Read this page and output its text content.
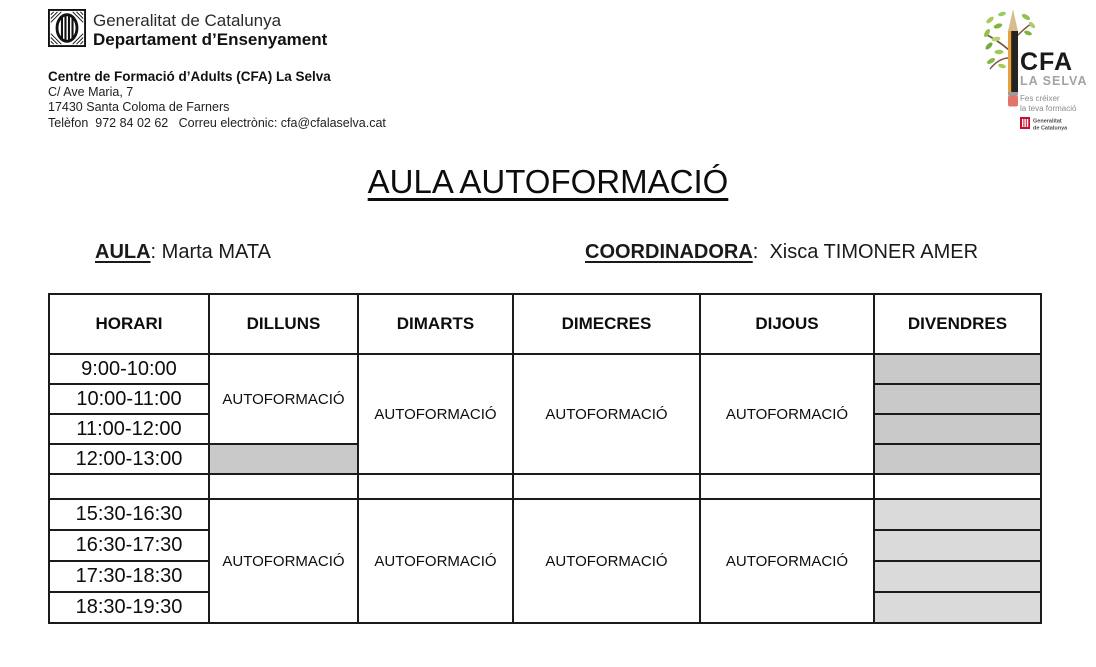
Generalitat de Catalunya
Departament d’Ensenyament
Centre de Formació d’Adults (CFA) La Selva
C/ Ave Maria, 7
17430 Santa Coloma de Farners
Telèfon  972 84 02 62   Correu electrònic: cfa@cfalaselva.cat
CFA
LA SELVA
Fes créixer
la teva formació
Generalitat
de Catalunya
AULA AUTOFORMACIÓ
AULA: Marta MATA	COORDINADORA:  Xisca TIMONER AMER
HORARI	DILLUNS	DIMARTS	DIMECRES	DIJOUS	DIVENDRES
9:00-10:00	AUTOFORMACIÓ	AUTOFORMACIÓ	AUTOFORMACIÓ	AUTOFORMACIÓ	
10:00-11:00					
11:00-12:00					
12:00-13:00					

15:30-16:30	AUTOFORMACIÓ	AUTOFORMACIÓ	AUTOFORMACIÓ	AUTOFORMACIÓ	
16:30-17:30					
17:30-18:30					
18:30-19:30					
